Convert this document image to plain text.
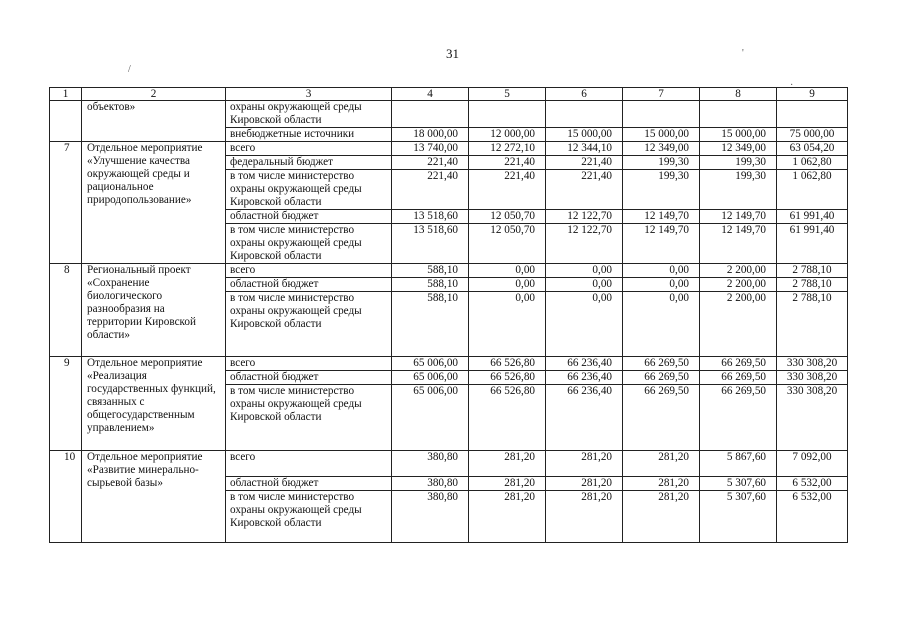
31
/
'
·
1	2	3	4	5	6	7	8	9
	объектов»	охраны окружающей среды Кировской области						
		внебюджетные источники	18 000,00	12 000,00	15 000,00	15 000,00	15 000,00	75 000,00
7	Отдельное мероприятие «Улучшение качества окружающей среды и рациональное природопользование»	всего	13 740,00	12 272,10	12 344,10	12 349,00	12 349,00	63 054,20
		федеральный бюджет	221,40	221,40	221,40	199,30	199,30	1 062,80
		в том числе министерство охраны окружающей среды Кировской области	221,40	221,40	221,40	199,30	199,30	1 062,80
		областной бюджет	13 518,60	12 050,70	12 122,70	12 149,70	12 149,70	61 991,40
		в том числе министерство охраны окружающей среды Кировской области	13 518,60	12 050,70	12 122,70	12 149,70	12 149,70	61 991,40
8	Региональный проект «Сохранение биологического разнообразия на территории Кировской области»	всего	588,10	0,00	0,00	0,00	2 200,00	2 788,10
		областной бюджет	588,10	0,00	0,00	0,00	2 200,00	2 788,10
		в том числе министерство охраны окружающей среды Кировской области	588,10	0,00	0,00	0,00	2 200,00	2 788,10
9	Отдельное мероприятие «Реализация государственных функций, связанных с общегосударственным управлением»	всего	65 006,00	66 526,80	66 236,40	66 269,50	66 269,50	330 308,20
		областной бюджет	65 006,00	66 526,80	66 236,40	66 269,50	66 269,50	330 308,20
		в том числе министерство охраны окружающей среды Кировской области	65 006,00	66 526,80	66 236,40	66 269,50	66 269,50	330 308,20
10	Отдельное мероприятие «Развитие минерально-сырьевой базы»	всего	380,80	281,20	281,20	281,20	5 867,60	7 092,00
		областной бюджет	380,80	281,20	281,20	281,20	5 307,60	6 532,00
		в том числе министерство охраны окружающей среды Кировской области	380,80	281,20	281,20	281,20	5 307,60	6 532,00
